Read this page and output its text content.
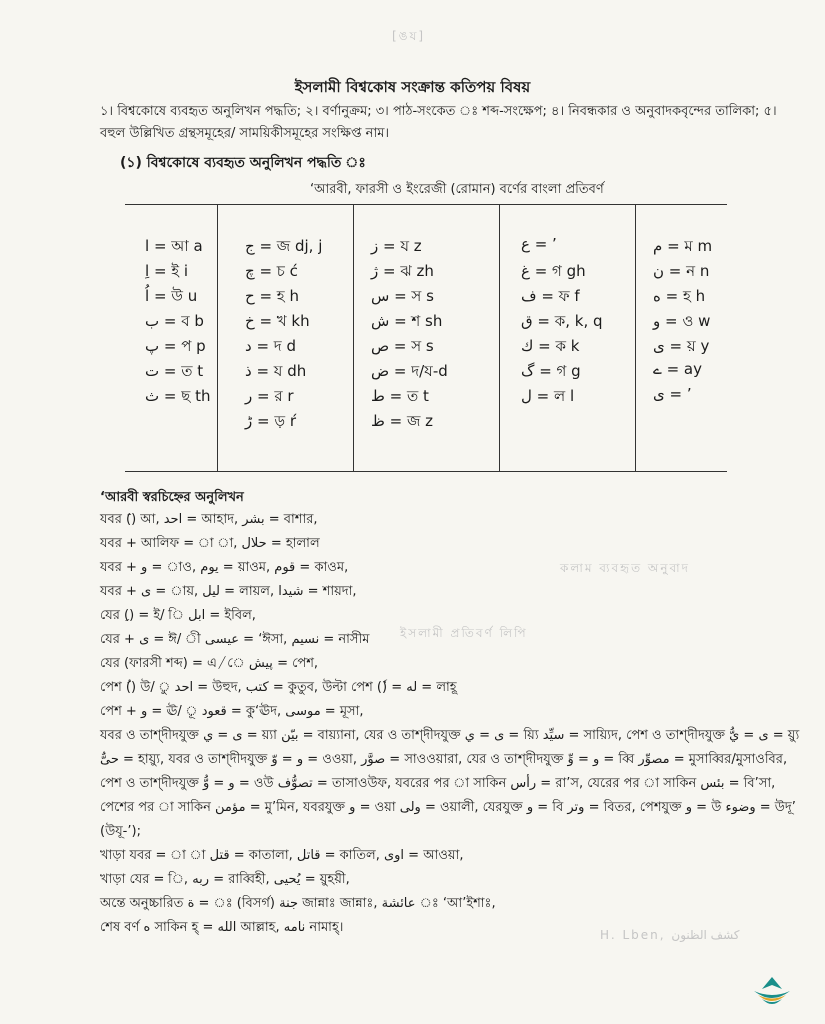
[ঙয]
কলাম ব্যবহৃত অনুবাদ
ইসলামী প্রতিবর্ণ লিপি
H. Lben, كشف الظنون
ইসলামী বিশ্বকোষ সংক্রান্ত কতিপয় বিষয়
১। বিশ্বকোষে ব্যবহৃত অনুলিখন পদ্ধতি; ২। বর্ণানুক্রম; ৩। পাঠ-সংকেত ঃ শব্দ-সংক্ষেপ; ৪। নিবন্ধকার ও অনুবাদকবৃন্দের তালিকা; ৫। বহুল উল্লিখিত গ্রন্থসমূহের/ সাময়িকীসমূহের সংক্ষিপ্ত নাম।
(১) বিশ্বকোষে ব্যবহৃত অনুলিখন পদ্ধতি ঃ
‘আরবী, ফারসী ও ইংরেজী (রোমান) বর্ণের বাংলা প্রতিবর্ণ
ا = আ a
اِ = ই i
اُ = উ u
ب = ব b
پ = প p
ت = ত t
ث = ছ th
ج = জ dj, j
چ = চ ć
ح = হ h
خ = খ kh
د = দ d
ذ = য dh
ر = র r
ڑ = ড় ŕ
ز = য z
ژ = ঝ zh
س = স s
ش = শ sh
ص = স s
ض = দ/য-d
ط = ত t
ظ = জ z
ع = ’
غ = গ gh
ف = ফ f
ق = ক, k, q
ك = ক k
گ = গ g
ل = ল l
م = ম m
ن = ন n
ه = হ h
و = ও w
ى = য় y
ے = ay
ى = ’
‘আরবী স্বরচিহ্নের অনুলিখন
যবর (َ) আ, احد = আহাদ, بشر = বাশার,
যবর + আলিফ = া া, حلال = হালাল
যবর + و = াও, يوم = য়াওম, قوم = কাওম,
যবর + ى = ায়, ليل = লায়ল, شيدا = শায়দা,
যের (ِ) = ই/ ি ابل = ইবিল,
যের + ى = ঈ/ ী عيسى = ‘ঈসা, نسيم = নাসীম
যের (ফারসী শব্দ) = এ/ে پيش = পেশ,
পেশ (ُ) উ/ ু احد = উহুদ, كتب = কুতুব, উল্টা পেশ (ٗ) = له = লাহূ
পেশ + و = ঊ/ ূ قعود = কু‘ঊদ, موسى = মূসা,
যবর ও তাশ্দীদযুক্ত ى = ي = য়্যা بيّن = বায়্যানা, যের ও তাশ্দীদযুক্ত ى = ي = য়্যি سيِّد = সায়্যিদ, পেশ ও তাশ্দীদযুক্ত ى = يُّ = য়্যু حىٌّ = হায়্যু, যবর ও তাশ্দীদযুক্ত و = وّ = ওওয়া, صوَّر = সাওওয়ারা, যের ও তাশ্দীদযুক্ত و = وِّ = ব্বি مصوِّر = মুসাব্বির/মুসাওবির, পেশ ও তাশ্দীদযুক্ত و = وُّ = ওউ تصوُّف = তাসাওউফ, যবরের পর া সাকিন رأس = রা’স, যেরের পর া সাকিন بئس = বি’সা, পেশের পর া সাকিন مؤمن = মু’মিন, যবরযুক্ত و = ওয়া ولى = ওয়ালী, যেরযুক্ত و = বি وتر = বিতর, পেশযুক্ত و = উ وضوء = উদূ’ (উযূ-’);
খাড়া যবর = া া قتل = কাতালা, قاتل = কাতিল, اوى = আওয়া,
খাড়া যের = ি, ربه = রাব্বিহী, يُحيى = য়ুহয়ী,
অন্তে অনুচ্চারিত ة = ঃ (বিসর্গ) جنة জান্নাঃ জান্নাঃ, عائشة ঃ ‘আ’ইশাঃ,
শেষ বর্ণ ه সাকিন হ্ = الله আল্লাহ, نامه নামাহ্।
